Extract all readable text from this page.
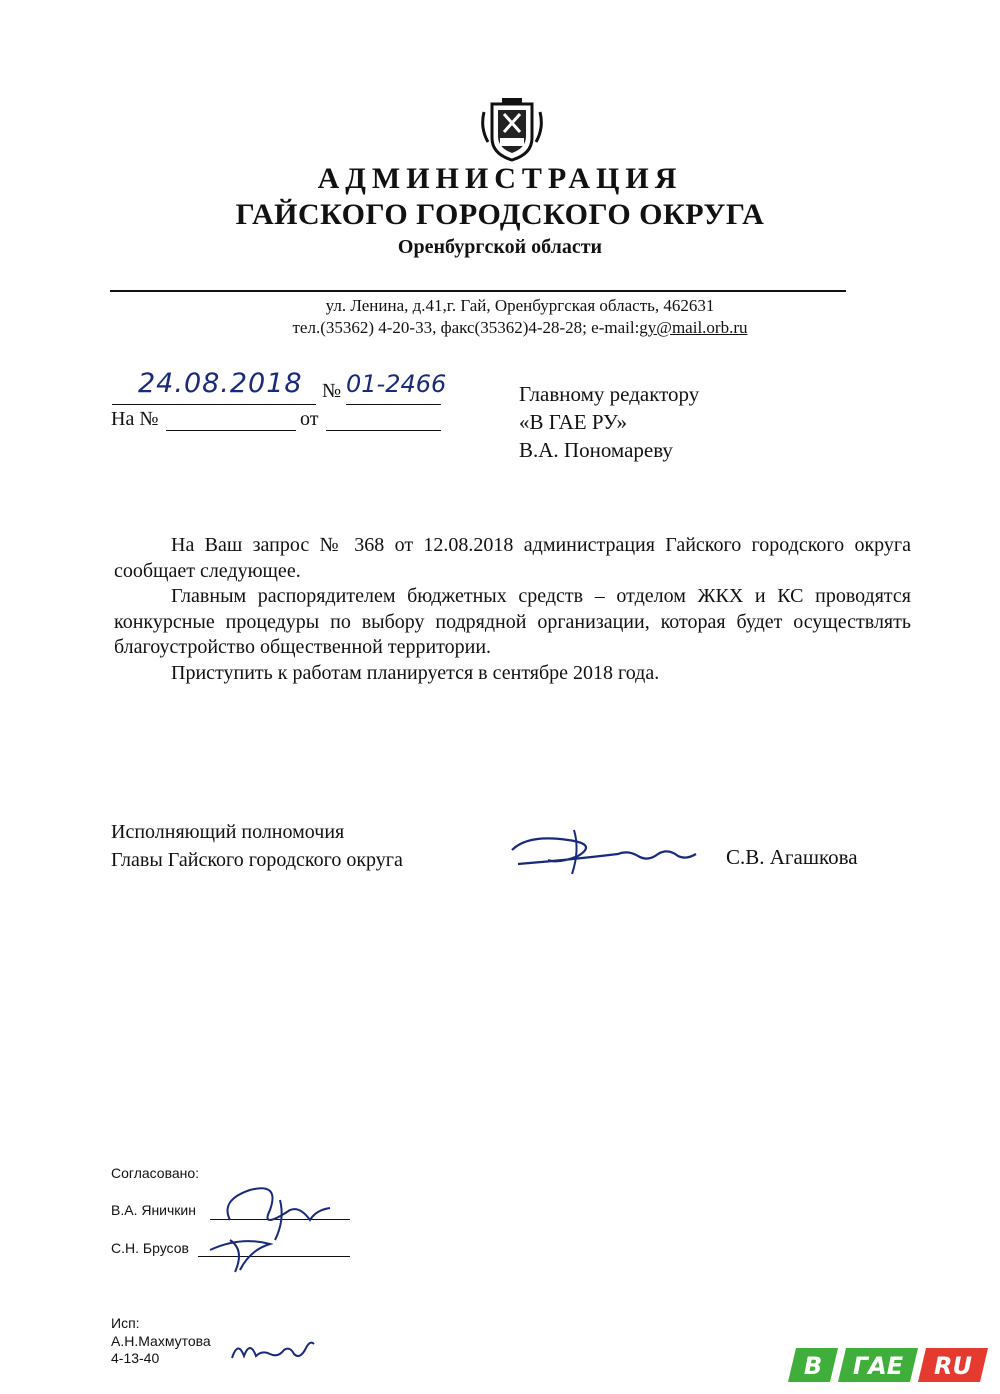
АДМИНИСТРАЦИЯ
ГАЙСКОГО ГОРОДСКОГО ОКРУГА
Оренбургской области
ул. Ленина, д.41,г. Гай, Оренбургская область, 462631
тел.(35362) 4-20-33, факс(35362)4-28-28; e-mail:gy@mail.orb.ru
24.08.2018 № 01-2466
На №	от
Главному редактору
«В ГАЕ РУ»
В.А. Пономареву

На Ваш запрос № 368 от 12.08.2018 администрация Гайского городского округа сообщает следующее.

Главным распорядителем бюджетных средств – отделом ЖКХ и КС проводятся конкурсные процедуры по выбору подрядной организации, которая будет осуществлять благоустройство общественной территории.

Приступить к работам планируется в сентябре 2018 года.

Исполняющий полномочия
Главы Гайского городского округа	С.В. Агашкова
Согласовано:
В.А. Яничкин
С.Н. Брусов
Исп:
А.Н.Махмутова
4-13-40	В ГАЕ RU
